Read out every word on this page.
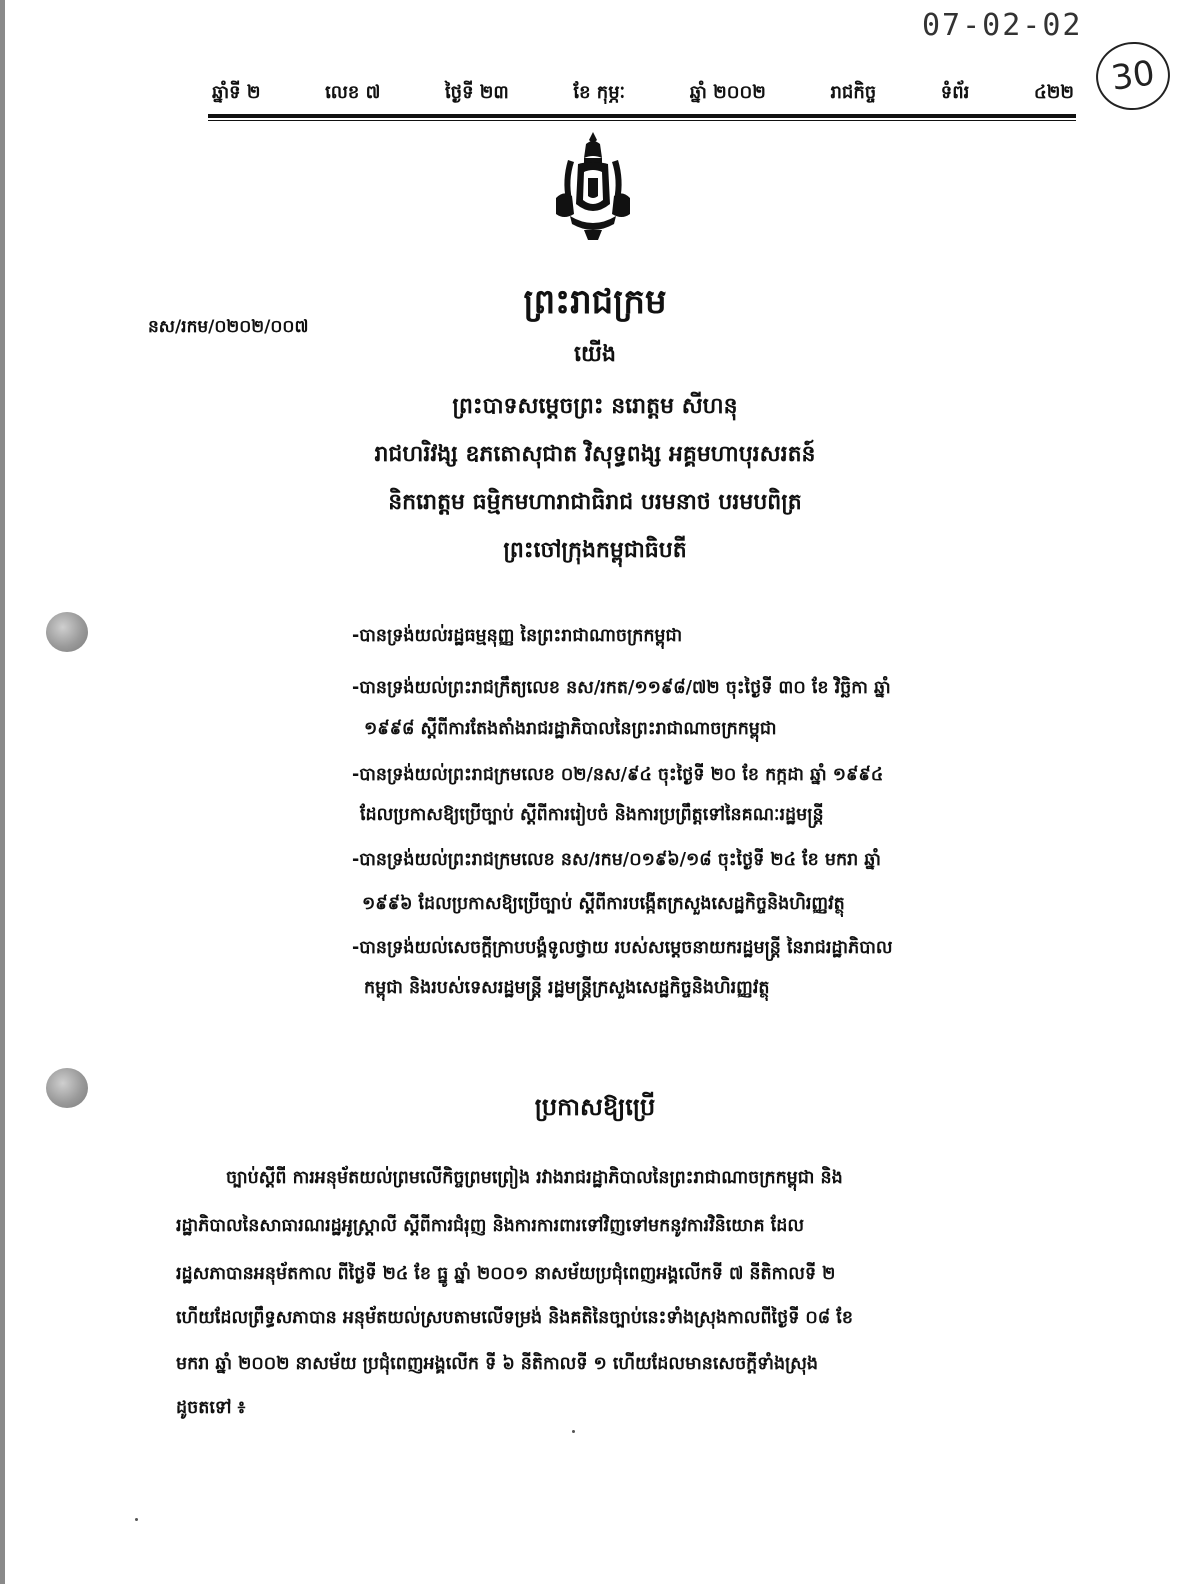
07-02-02
30
ឆ្នាំទី ២	លេខ ៧	ថ្ងៃទី ២៣	ខែ កុម្ភៈ	ឆ្នាំ ២០០២	រាជកិច្ច	ទំព័រ	៤២២
ព្រះរាជក្រម
នស/រកម/០២០២/០០៧
យើង
ព្រះបាទសម្តេចព្រះ នរោត្តម សីហនុ
រាជហរិវង្ស ឧភតោសុជាត វិសុទ្ធពង្ស អគ្គមហាបុរសរតន៍
និករោត្តម ធម្មិកមហារាជាធិរាជ បរមនាថ បរមបពិត្រ
ព្រះចៅក្រុងកម្ពុជាធិបតី
-បានទ្រង់យល់រដ្ឋធម្មនុញ្ញ នៃព្រះរាជាណាចក្រកម្ពុជា
-បានទ្រង់យល់ព្រះរាជក្រឹត្យលេខ នស/រកត/១១៩៨/៧២ ចុះថ្ងៃទី ៣០ ខែ វិច្ឆិកា ឆ្នាំ
១៩៩៨ ស្តីពីការតែងតាំងរាជរដ្ឋាភិបាលនៃព្រះរាជាណាចក្រកម្ពុជា
-បានទ្រង់យល់ព្រះរាជក្រមលេខ ០២/នស/៩៤ ចុះថ្ងៃទី ២០ ខែ កក្កដា ឆ្នាំ ១៩៩៤
ដែលប្រកាសឱ្យប្រើច្បាប់ ស្តីពីការរៀបចំ និងការប្រព្រឹត្តទៅនៃគណៈរដ្ឋមន្ត្រី
-បានទ្រង់យល់ព្រះរាជក្រមលេខ នស/រកម/០១៩៦/១៨ ចុះថ្ងៃទី ២៤ ខែ មករា ឆ្នាំ
១៩៩៦ ដែលប្រកាសឱ្យប្រើច្បាប់ ស្តីពីការបង្កើតក្រសួងសេដ្ឋកិច្ចនិងហិរញ្ញវត្ថុ
-បានទ្រង់យល់សេចក្តីក្រាបបង្គំទូលថ្វាយ របស់សម្តេចនាយករដ្ឋមន្ត្រី នៃរាជរដ្ឋាភិបាល
កម្ពុជា និងរបស់ទេសរដ្ឋមន្ត្រី រដ្ឋមន្ត្រីក្រសួងសេដ្ឋកិច្ចនិងហិរញ្ញវត្ថុ
ប្រកាសឱ្យប្រើ
ច្បាប់ស្តីពី ការអនុម័តយល់ព្រមលើកិច្ចព្រមព្រៀង រវាងរាជរដ្ឋាភិបាលនៃព្រះរាជាណាចក្រកម្ពុជា និង
រដ្ឋាភិបាលនៃសាធារណរដ្ឋអូស្ត្រាលី ស្តីពីការជំរុញ និងការការពារទៅវិញទៅមកនូវការវិនិយោគ ដែល
រដ្ឋសភាបានអនុម័តកាល ពីថ្ងៃទី ២៤ ខែ ធ្នូ ឆ្នាំ ២០០១ នាសម័យប្រជុំពេញអង្គលើកទី ៧ នីតិកាលទី ២
ហើយដែលព្រឹទ្ធសភាបាន អនុម័តយល់ស្របតាមលើទម្រង់ និងគតិនៃច្បាប់នេះទាំងស្រុងកាលពីថ្ងៃទី ០៨ ខែ
មករា ឆ្នាំ ២០០២ នាសម័យ ប្រជុំពេញអង្គលើក ទី ៦ នីតិកាលទី ១ ហើយដែលមានសេចក្តីទាំងស្រុង
ដូចតទៅ ៖
